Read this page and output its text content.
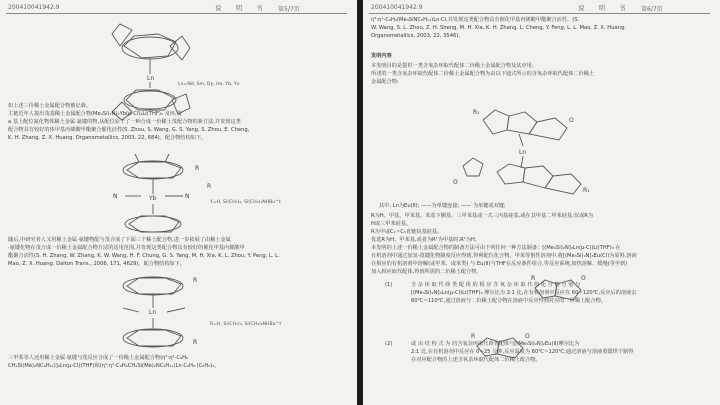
200410041942.9	说 明 书 第5/7页
Ln
Ln=Nd, Sm, Dy, Ho, Yb, Yx
如上述三价稀土金属配合物被记载。
主链近年人提出茂基稀土金属配合物(Me₃Si)₂N)₂Yb(μ-Cl)₂Li(THF)₂ 及环,茂
a 基上配位氮化物体稀土金属·氯键的物,从配位原子了一种合成一价稀土茂配合物的新方法,并发现这类
配合物具有较好的体甲基丙烯酸甲酯聚合催化活性(S. Zhou, S. Wang, G. S. Yang, S. Zhou, E. Cheng,
K. H. Zhang, Z. X. Huang. Organometallics, 2003, 22, 684)。配合物结构如下。
Yb
N	N
R
R
Y=H, Si(CH₃)₃, Si(CH₃)₂NHBu^t
随后,中研究者人又用稀土金属·氨键物配与茂合成了下面三个稀土配合物,进一步拓展了由稀土金属
·氨键化物在茂合成一价稀土金属配合物方法的适用范围,并发现这类配合物具有较好的催化甲基丙烯酸甲
酯聚合活性(S. H. Zhang, W. Zhang, K. W. Wang, H. F. Chung, G. S. Yang, M. H. Xia, K. L. Zhou, Y. Peng, L. L.
Mao, Z. X. Huang. Dalton Trans., 2006, 171, 4629)。配合物结构如下。
R
Ln
R
R=H, Si(CH₃)₃, Si(CH₃)₂NHBu^t
三甲苯等人还用稀土金属·氨键与茂反应合成了一价稀土金属配合物(η⁵:η¹-C₉H₆
CH₂Si(Me)₂NC₆H₁₁)]₂Ln(μ-Cl)(THF)和(η⁵:η¹-C₉H₆CH₂Si(Me)₂NC₆H₁₁)Ln·C₆H₅·(C₆H₅)₂。
200410041942.9	说 明 书 第6/7页
η⁵:η¹-C₉H₆(Me₃SiNC₆H₁₁)Ln·Cl,并发现这类配合物具有催化甲基丙烯酸甲酯聚合活性。(S.
W. Wang, S. L. Zhou, Z. H. Sheng, M. H. Xia, K. H. Zhang, L. Cheng, Y. Feng, L. L. Mao, Z. X. Huang.
Organometallics, 2003, 22, 3546)。
发明内容
本发明目的是提供一类含氧杂环取代配体二价稀土金属配合物及其应用。
所述的一类含氧杂环取代配体二价稀土金属配合物为由以下通式所示的含氧杂环取代配体二价稀土
金属配合物:
R₁
O
Ln
O
R₁
其中, Ln为Eu(II); ——为单键连接; —— 为单键或双键;
R为H、甲基、甲苯基、苯基下侧基、三甲苯基或一式三丙基硅基,或在其甲基二甲苯硅基;仅或R为
H或三甲苯硅基。
R为甲或C₁~C₃直链烷基硅基。
优选R为H、甲苯基,或者为R¹为甲基时,R¹为H。
本发明的上述一价稀土金属配合物的制备方法可由下列任何一种方法制备：[(Me₃Si)₂N]₃Ln(μ-Cl)Li(THF)₃ 在
有机溶剂中通过加氢-溴键化物制度反应得到,得利配位化合物。甲苯等惰性溶剂中,将[(Me₃Si)₂N]₃Eu(Cl)为原料,溶液
在相应的有机溶剂中溶解(或甲苯、或苯类) 与 Eu(II)与THF在反应条件组合,等反应系统,加热溶解、缓慢(等至到)
加入相应取代配体,得到所需的二价稀土配合物。
(1)
O
R
含 杂 环 取 代 茚 类 配 体 的 相 应 含 氧 杂 环 取 代 茚 化 合 物 分 别 与
[(Me₃Si)₂N]₃Ln(μ-Cl)Li(THF)₃ 摩尔比为 2:1 比,在有机溶剂中反应在 60~120℃,反应后的溶液去
60℃~110℃,通过溶液与二价稀土配合物在溶液中反应得到对应的二价稀土配合物。
(2)
O
R
或 由 结 构 式 为 的含氧杂环取代茚类配体与[(Me₃Si)₂N]₂Eu(II)摩尔比为
2:1 比,在有机溶剂中反应在 0~25 分钟,反应温度为 60℃~120℃;通过溶液与溶液蒸馏烘干制得
在对应配合物的上述含氧杂环取代配体二价稀土配合物。
